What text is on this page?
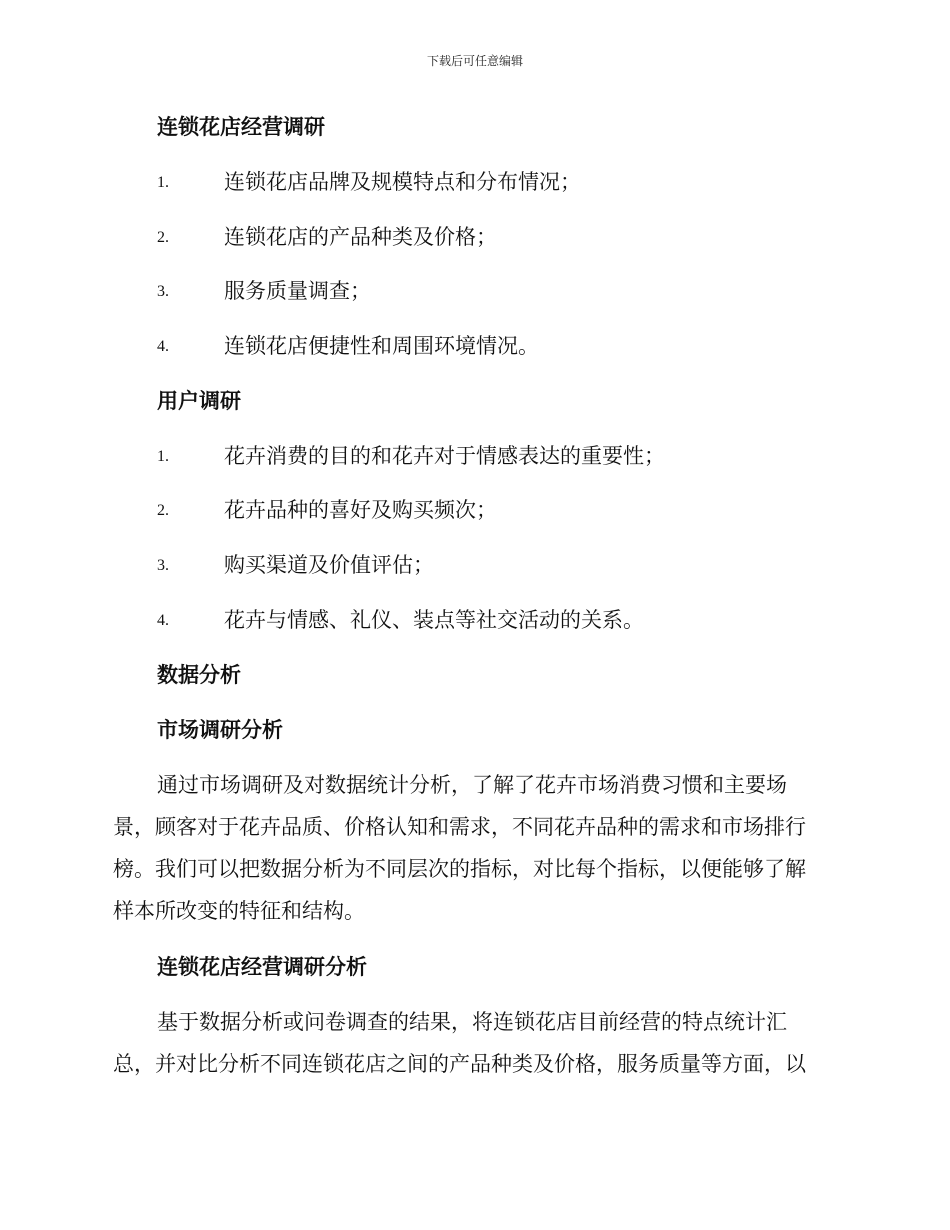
下载后可任意编辑
连锁花店经营调研
1.	连锁花店品牌及规模特点和分布情况；
2.	连锁花店的产品种类及价格；
3.	服务质量调查；
4.	连锁花店便捷性和周围环境情况。
用户调研
1.	花卉消费的目的和花卉对于情感表达的重要性；
2.	花卉品种的喜好及购买频次；
3.	购买渠道及价值评估；
4.	花卉与情感、礼仪、装点等社交活动的关系。
数据分析
市场调研分析
通过市场调研及对数据统计分析，了解了花卉市场消费习惯和主要场
景，顾客对于花卉品质、价格认知和需求，不同花卉品种的需求和市场排行
榜。我们可以把数据分析为不同层次的指标，对比每个指标，以便能够了解
样本所改变的特征和结构。
连锁花店经营调研分析
基于数据分析或问卷调查的结果，将连锁花店目前经营的特点统计汇
总，并对比分析不同连锁花店之间的产品种类及价格，服务质量等方面，以
